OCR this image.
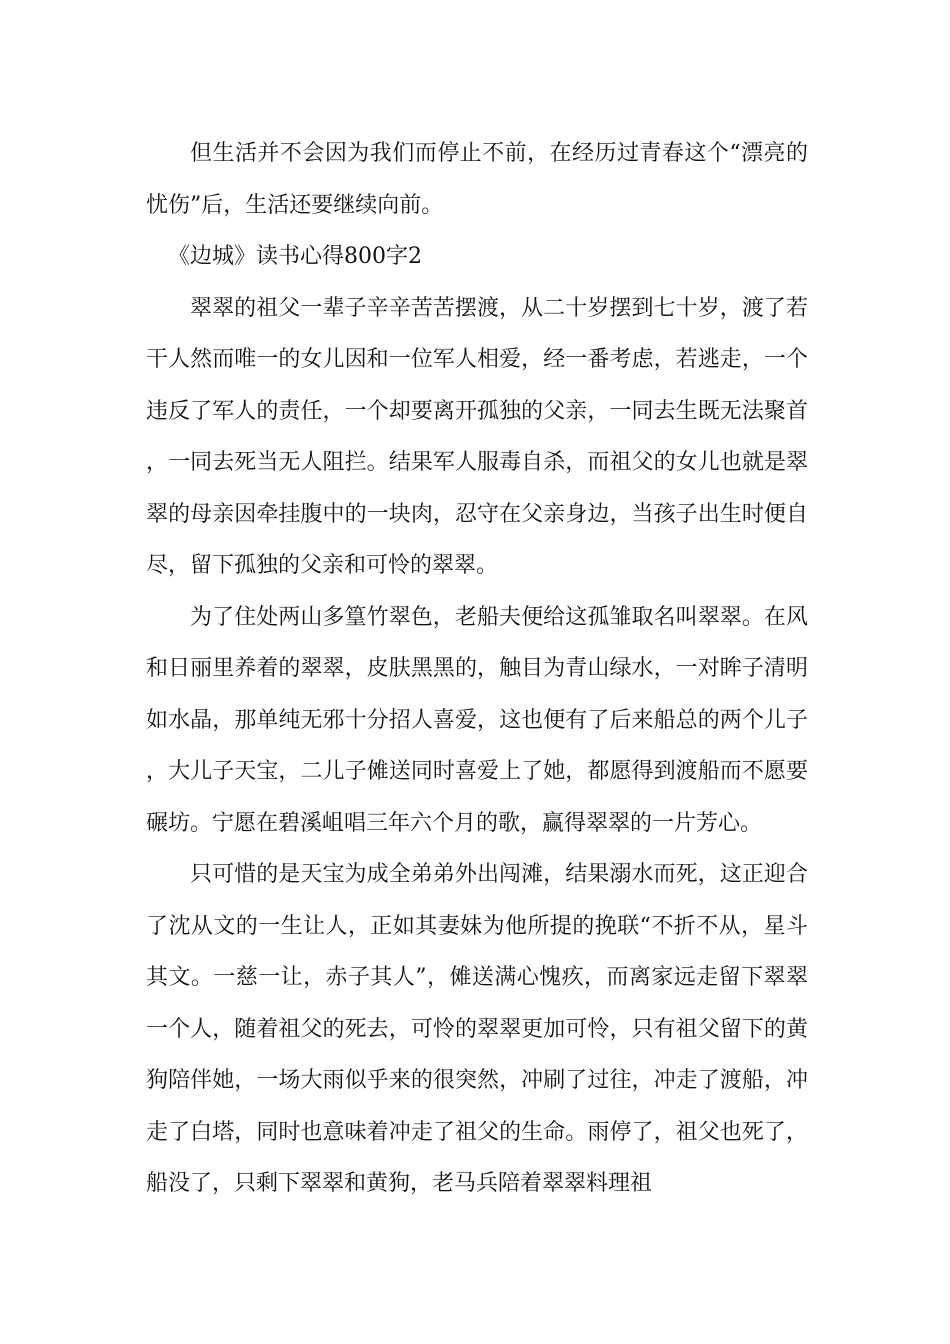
但生活并不会因为我们而停止不前，在经历过青春这个“漂亮的忧伤”后，生活还要继续向前。

《边城》读书心得800字2

翠翠的祖父一辈子辛辛苦苦摆渡，从二十岁摆到七十岁，渡了若干人然而唯一的女儿因和一位军人相爱，经一番考虑，若逃走，一个违反了军人的责任，一个却要离开孤独的父亲，一同去生既无法聚首，一同去死当无人阻拦。结果军人服毒自杀，而祖父的女儿也就是翠翠的母亲因牵挂腹中的一块肉，忍守在父亲身边，当孩子出生时便自尽，留下孤独的父亲和可怜的翠翠。

为了住处两山多篁竹翠色，老船夫便给这孤雏取名叫翠翠。在风和日丽里养着的翠翠，皮肤黑黑的，触目为青山绿水，一对眸子清明如水晶，那单纯无邪十分招人喜爱，这也便有了后来船总的两个儿子，大儿子天宝，二儿子傩送同时喜爱上了她，都愿得到渡船而不愿要碾坊。宁愿在碧溪岨唱三年六个月的歌，赢得翠翠的一片芳心。

只可惜的是天宝为成全弟弟外出闯滩，结果溺水而死，这正迎合了沈从文的一生让人，正如其妻妹为他所提的挽联“不折不从，星斗其文。一慈一让，赤子其人”，傩送满心愧疚，而离家远走留下翠翠一个人，随着祖父的死去，可怜的翠翠更加可怜，只有祖父留下的黄狗陪伴她，一场大雨似乎来的很突然，冲刷了过往，冲走了渡船，冲走了白塔，同时也意味着冲走了祖父的生命。雨停了，祖父也死了，船没了，只剩下翠翠和黄狗，老马兵陪着翠翠料理祖
